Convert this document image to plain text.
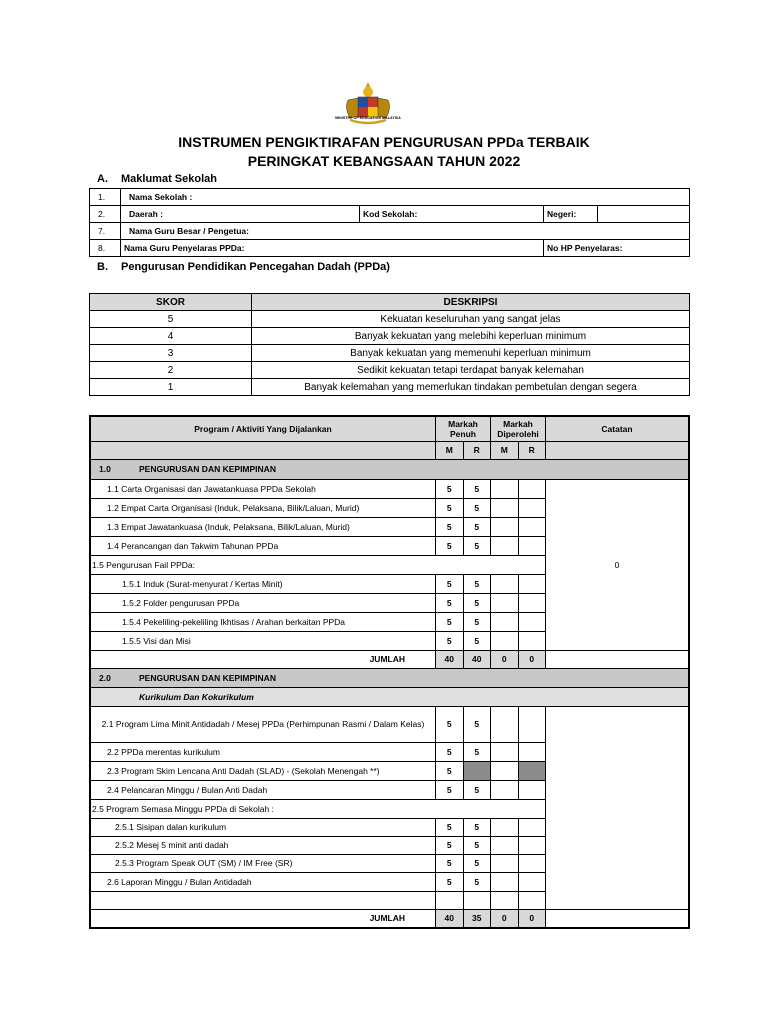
MINISTRY OF EDUCATION MALAYSIA
INSTRUMEN PENGIKTIRAFAN PENGURUSAN PPDa TERBAIK
PERINGKAT KEBANGSAAN TAHUN 2022
A. Maklumat Sekolah
1.	Nama Sekolah :			
2.	Daerah :	Kod Sekolah:	Negeri:	
7.	Nama Guru Besar / Pengetua:			
8.	Nama Guru Penyelaras PPDa:		No HP Penyelaras:	
B. Pengurusan Pendidikan Pencegahan Dadah (PPDa)
SKOR	DESKRIPSI
5	Kekuatan keseluruhan yang sangat jelas
4	Banyak kekuatan yang melebihi keperluan minimum
3	Banyak kekuatan yang memenuhi keperluan minimum
2	Sedikit kekuatan tetapi terdapat banyak kelemahan
1	Banyak kelemahan yang memerlukan tindakan pembetulan dengan segera
Program / Aktiviti Yang Dijalankan	Markah Penuh		Markah Diperolehi		Catatan
	M	R	M	R	
1.0 PENGURUSAN DAN KEPIMPINAN					
1.1 Carta Organisasi dan Jawatankuasa PPDa Sekolah	5	5			0
1.2 Empat Carta Organisasi (Induk, Pelaksana, Bilik/Laluan, Murid)	5	5			
1.3 Empat Jawatankuasa (Induk, Pelaksana, Bilik/Laluan, Murid)	5	5			
1.4 Perancangan dan Takwim Tahunan PPDa	5	5			
1.5 Pengurusan Fail PPDa:					
1.5.1 Induk (Surat-menyurat / Kertas Minit)	5	5			
1.5.2 Folder pengurusan PPDa	5	5			
1.5.4 Pekeliling-pekeliling Ikhtisas / Arahan berkaitan PPDa	5	5			
1.5.5 Visi dan Misi	5	5			
JUMLAH	40	40	0	0	
2.0 PENGURUSAN DAN KEPIMPINAN					
Kurikulum Dan Kokurikulum					
2.1 Program Lima Minit Antidadah / Mesej PPDa (Perhimpunan Rasmi / Dalam Kelas)	5	5			
2.2 PPDa merentas kurikulum	5	5			
2.3 Program Skim Lencana Anti Dadah (SLAD) - (Sekolah Menengah **)	5				
2.4 Pelancaran Minggu / Bulan Anti Dadah	5	5			
2.5 Program Semasa Minggu PPDa di Sekolah :					
2.5.1 Sisipan dalan kurikulum	5	5			
2.5.2 Mesej 5 minit anti dadah	5	5			
2.5.3 Program Speak OUT (SM) / IM Free (SR)	5	5			
2.6 Laporan Minggu / Bulan Antidadah	5	5			

JUMLAH	40	35	0	0	
